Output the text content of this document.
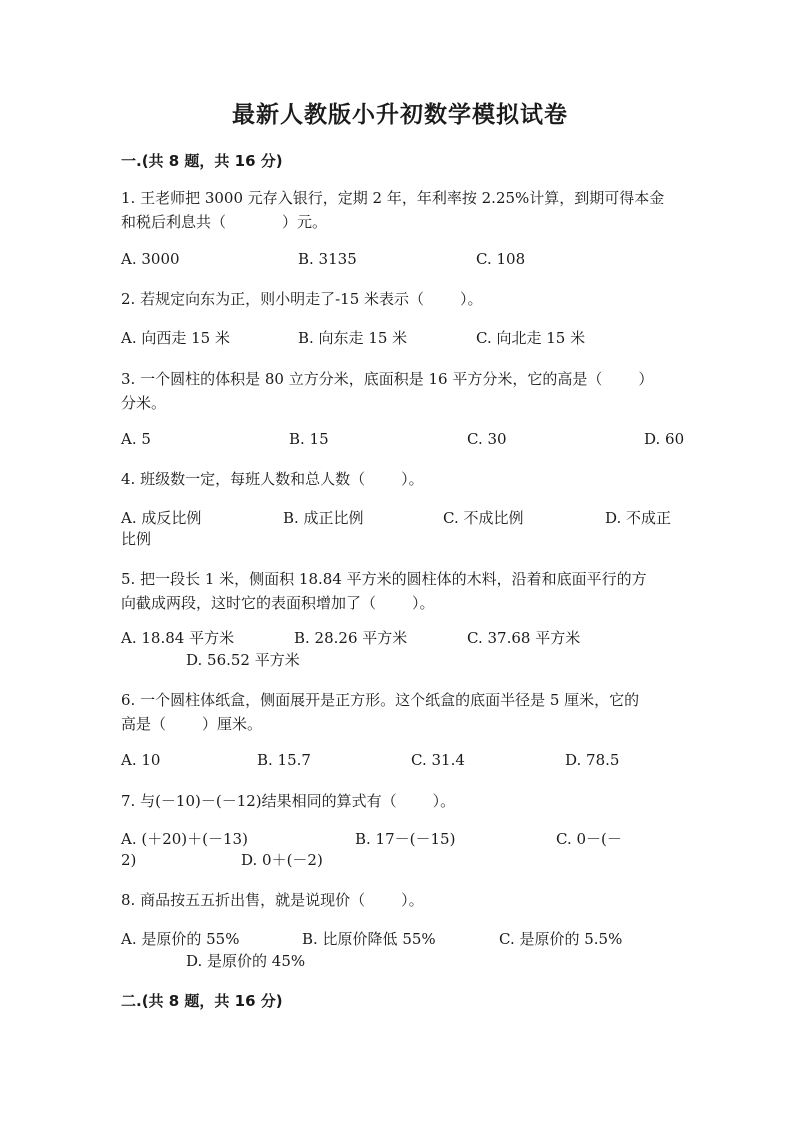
最新人教版小升初数学模拟试卷
一.(共 8 题，共 16 分)
1. 王老师把 3000 元存入银行，定期 2 年，年利率按 2.25%计算，到期可得本金
和税后利息共（	）元。
A. 3000	B. 3135	C. 108
2. 若规定向东为正，则小明走了-15 米表示（ ）。
A. 向西走 15 米	B. 向东走 15 米	C. 向北走 15 米
3. 一个圆柱的体积是 80 立方分米，底面积是 16 平方分米，它的高是（ ）
分米。
A. 5	B. 15	C. 30	D. 60
4. 班级数一定，每班人数和总人数（ ）。
A. 成反比例	B. 成正比例	C. 不成比例	D. 不成正
比例
5. 把一段长 1 米，侧面积 18.84 平方米的圆柱体的木料，沿着和底面平行的方
向截成两段，这时它的表面积增加了（ ）。
A. 18.84 平方米	B. 28.26 平方米	C. 37.68 平方米
D. 56.52 平方米
6. 一个圆柱体纸盒，侧面展开是正方形。这个纸盒的底面半径是 5 厘米，它的
高是（ ）厘米。
A. 10	B. 15.7	C. 31.4	D. 78.5
7. 与(－10)－(－12)结果相同的算式有（ ）。
A. (＋20)＋(－13)	B. 17－(－15)	C. 0－(－
2)	D. 0＋(－2)
8. 商品按五五折出售，就是说现价（ ）。
A. 是原价的 55%	B. 比原价降低 55%	C. 是原价的 5.5%
D. 是原价的 45%
二.(共 8 题，共 16 分)
